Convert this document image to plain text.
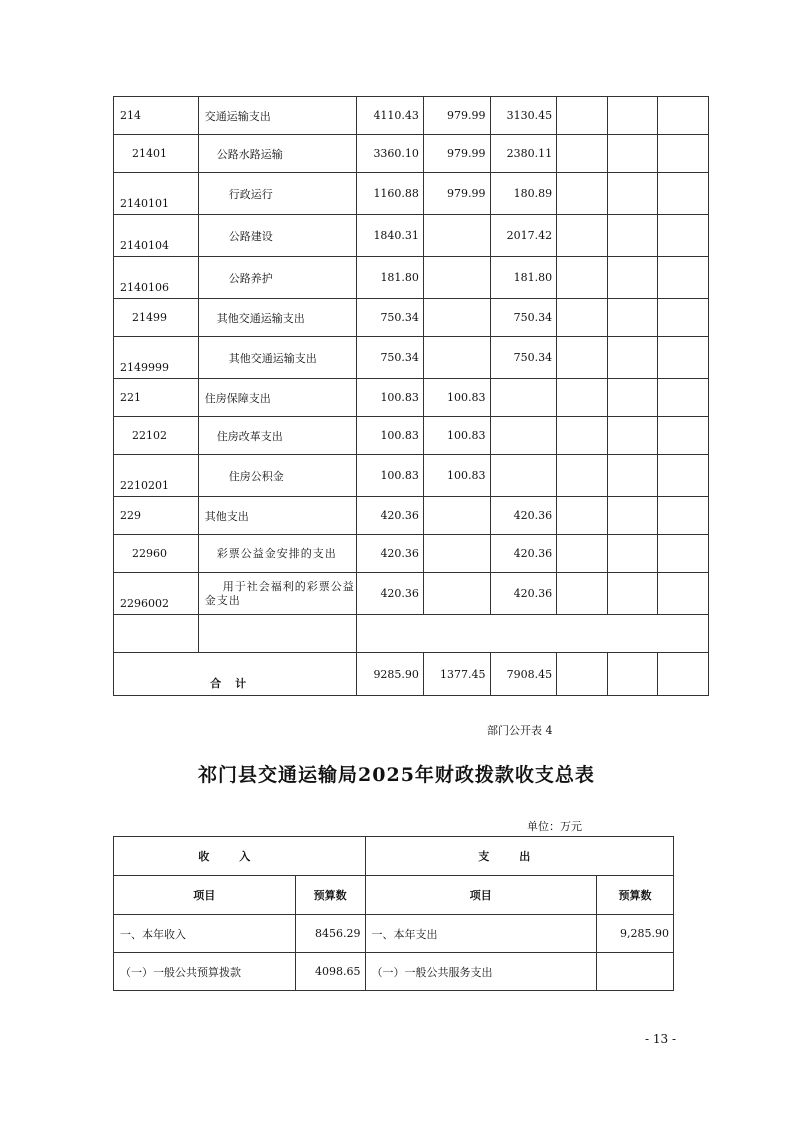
214	交通运输支出	4110.43	979.99	3130.45			
21401	公路水路运输	3360.10	979.99	2380.11			
2140101	行政运行	1160.88	979.99	180.89			
2140104	公路建设	1840.31		2017.42			
2140106	公路养护	181.80		181.80			
21499	其他交通运输支出	750.34		750.34			
2149999	其他交通运输支出	750.34		750.34			
221	住房保障支出	100.83	100.83				
22102	住房改革支出	100.83	100.83				
2210201	住房公积金	100.83	100.83				
229	其他支出	420.36		420.36			
22960	彩票公益金安排的支出	420.36		420.36			
2296002	用于社会福利的彩票公益金支出	420.36		420.36			

合计		9285.90	1377.45	7908.45			
部门公开表 4
祁门县交通运输局2025年财政拨款收支总表
单位：万元
收入		支出	
项目	预算数	项目	预算数
一、本年收入	8456.29	一、本年支出	9,285.90
（一）一般公共预算拨款	4098.65	（一）一般公共服务支出	
- 13 -
